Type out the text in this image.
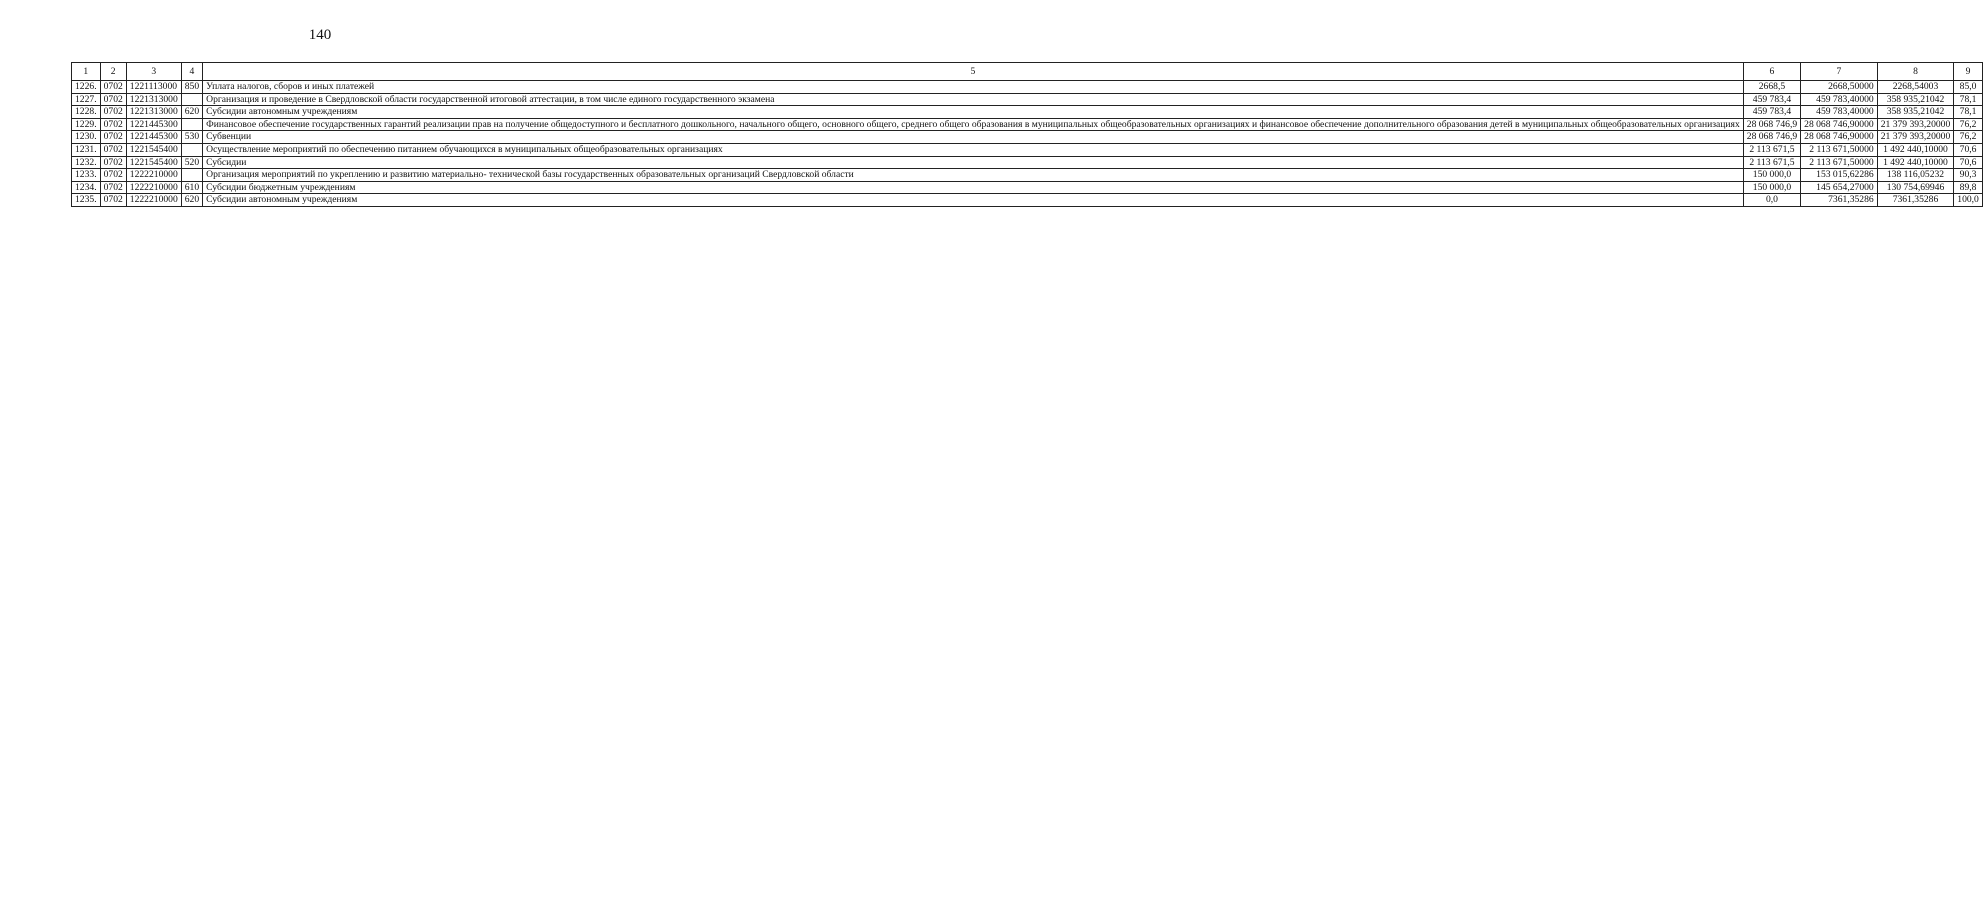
140
1	2	3	4	5	6	7	8	9
1226.	0702	1221113000	850	Уплата налогов, сборов и иных платежей	2668,5	2668,50000	2268,54003	85,0
1227.	0702	1221313000		Организация и проведение в Свердловской области государственной итоговой аттестации, в том числе единого государственного экзамена	459 783,4	459 783,40000	358 935,21042	78,1
1228.	0702	1221313000	620	Субсидии автономным учреждениям	459 783,4	459 783,40000	358 935,21042	78,1
1229.	0702	1221445300		Финансовое обеспечение государственных гарантий реализации прав на получение общедоступного и бесплатного дошкольного, начального общего, основного общего, среднего общего образования в муниципальных общеобразовательных организациях и финансовое обеспечение дополнительного образования детей в муниципальных общеобразовательных организациях	28 068 746,9	28 068 746,90000	21 379 393,20000	76,2
1230.	0702	1221445300	530	Субвенции	28 068 746,9	28 068 746,90000	21 379 393,20000	76,2
1231.	0702	1221545400		Осуществление мероприятий по обеспечению питанием обучающихся в муниципальных общеобразовательных организациях	2 113 671,5	2 113 671,50000	1 492 440,10000	70,6
1232.	0702	1221545400	520	Субсидии	2 113 671,5	2 113 671,50000	1 492 440,10000	70,6
1233.	0702	1222210000		Организация мероприятий по укреплению и развитию материально- технической базы государственных образовательных организаций Свердловской области	150 000,0	153 015,62286	138 116,05232	90,3
1234.	0702	1222210000	610	Субсидии бюджетным учреждениям	150 000,0	145 654,27000	130 754,69946	89,8
1235.	0702	1222210000	620	Субсидии автономным учреждениям	0,0	7361,35286	7361,35286	100,0
